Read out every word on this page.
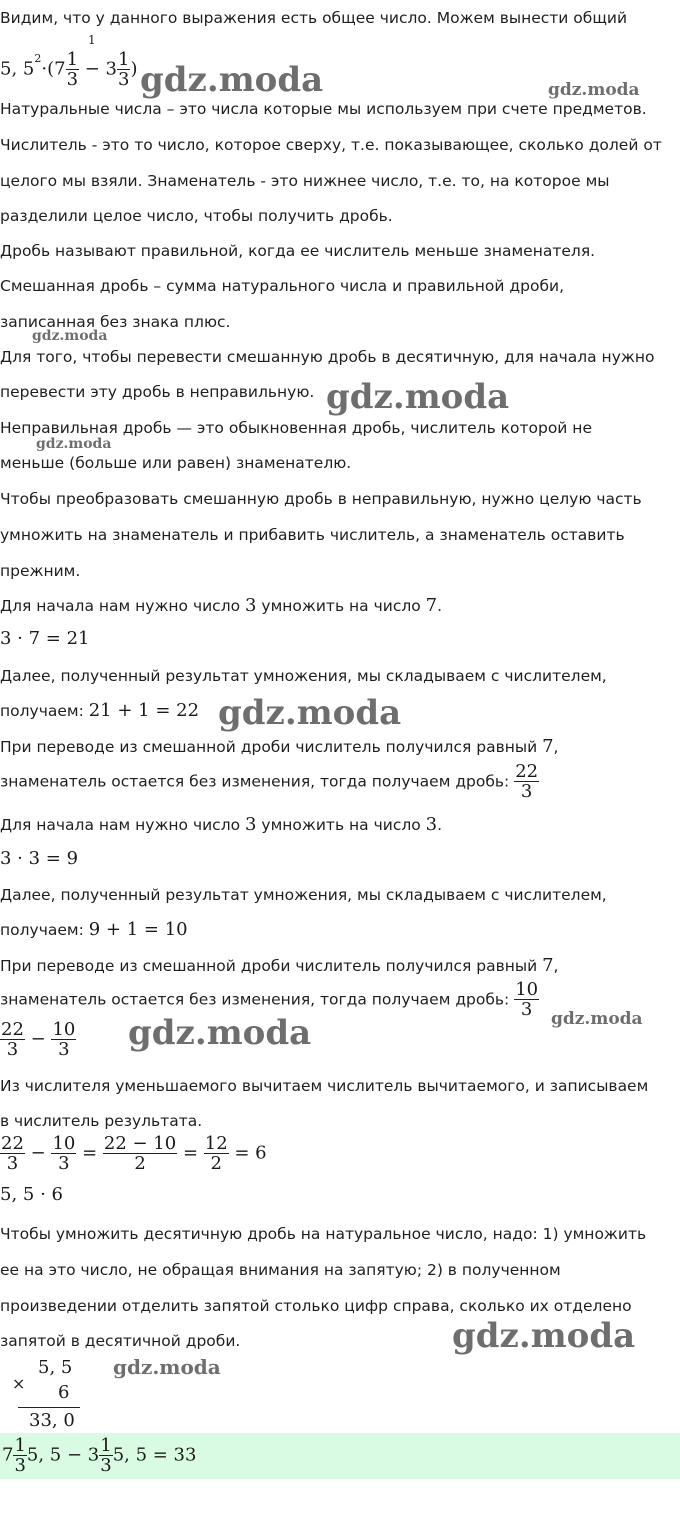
Видим, что у данного выражения есть общее число. Можем вынести общий
5, $5^2\cdot(7 \frac{1}{3} - 3 \frac{1}{3}$ )
1
Натуральные числа – это числа которые мы используем при счете предметов.
Числитель - это то число, которое сверху, т.е. показывающее, сколько долей от
целого мы взяли. Знаменатель - это нижнее число, т.е. то, на которое мы
разделили целое число, чтобы получить дробь.
Дробь называют правильной, когда ее числитель меньше знаменателя.
Смешанная дробь – сумма натурального числа и правильной дроби,
записанная без знака плюс.
Для того, чтобы перевести смешанную дробь в десятичную, для начала нужно
перевести эту дробь в неправильную.
Неправильная дробь — это обыкновенная дробь, числитель которой не
меньше (больше или равен) знаменателю.
Чтобы преобразовать смешанную дробь в неправильную, нужно целую часть
умножить на знаменатель и прибавить числитель, а знаменатель оставить
прежним.
Для начала нам нужно число 3 умножить на число 7.
3 · 7 = 21
Далее, полученный результат умножения, мы складываем с числителем,
получаем: 21 + 1 = 22
При переводе из смешанной дроби числитель получился равный 7,
знаменатель остается без изменения, тогда получаем дробь: $\frac{22}{3}$
Для начала нам нужно число 3 умножить на число 3.
3 · 3 = 9
Далее, полученный результат умножения, мы складываем с числителем,
получаем: 9 + 1 = 10
При переводе из смешанной дроби числитель получился равный 7,
знаменатель остается без изменения, тогда получаем дробь: $\frac{10}{3}$
$\frac{22}{3} - \frac{10}{3}$
Из числителя уменьшаемого вычитаем числитель вычитаемого, и записываем
в числитель результата.
$\frac{22}{3} - \frac{10}{3} = \frac{22 - 10}{2} = \frac{12}{2} = 6$
5, 5 · 6
Чтобы умножить десятичную дробь на натуральное число, надо: 1) умножить
ее на это число, не обращая внимания на запятую; 2) в полученном
произведении отделить запятой столько цифр справа, сколько их отделено
запятой в десятичной дроби.
×
5, 5
6
33, 0
$7 \frac{1}{3} 5$, $5 - 3 \frac{1}{3} 5$, 5 = 33
gdz.moda	gdz.moda
gdz.moda
gdz.moda
gdz.moda
gdz.moda
gdz.moda
gdz.moda
gdz.moda
gdz.moda
